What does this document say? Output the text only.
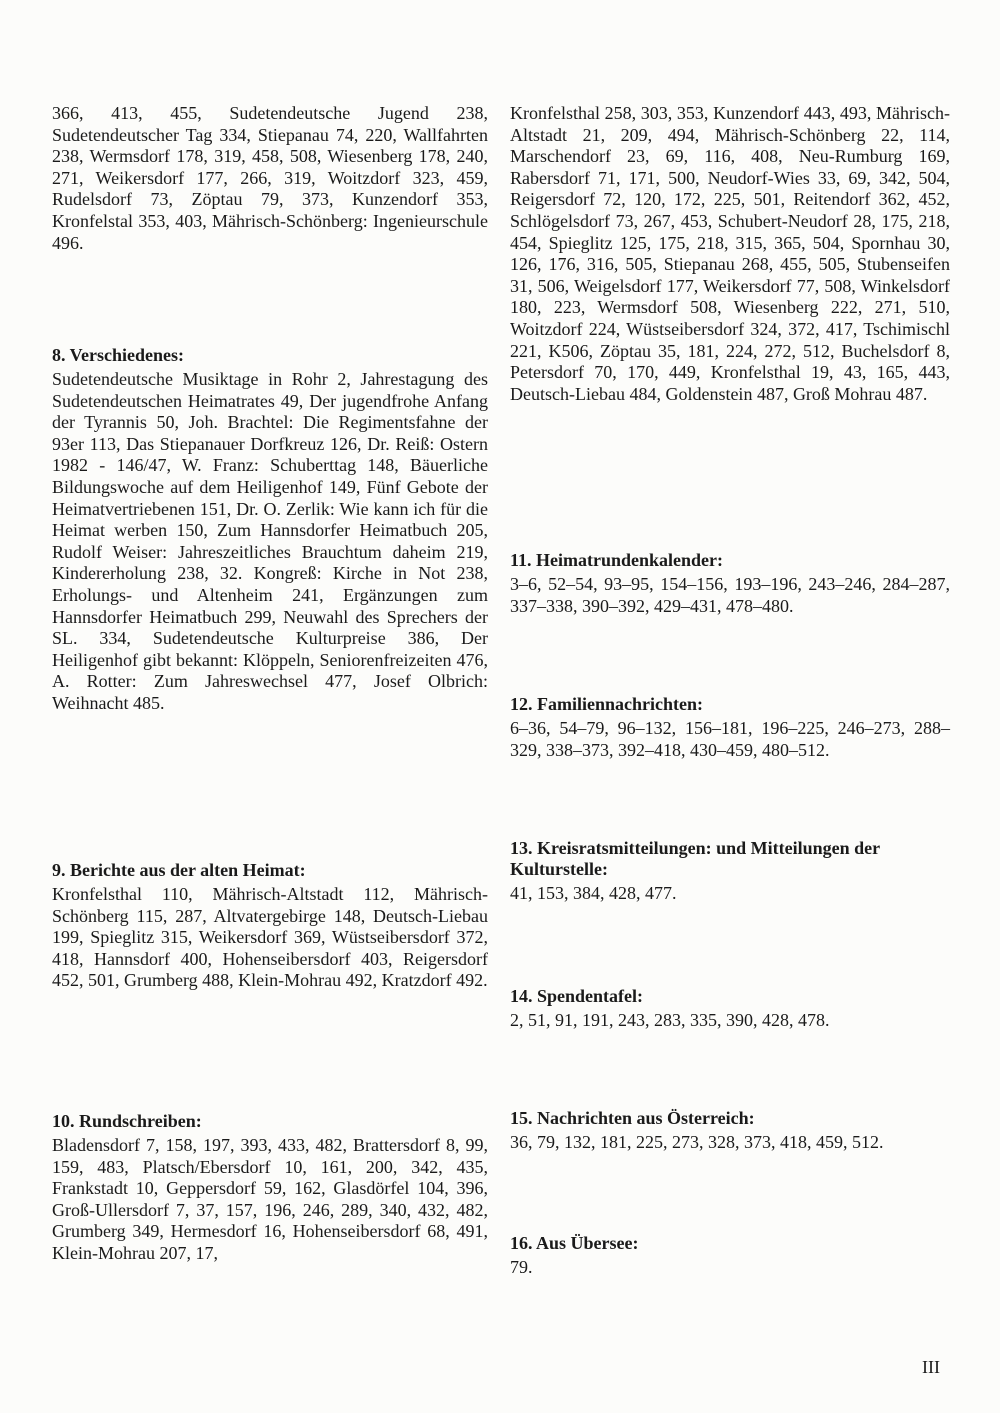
366, 413, 455, Sudetendeutsche Jugend 238, Sudetendeutscher Tag 334, Stiepanau 74, 220, Wallfahrten 238, Wermsdorf 178, 319, 458, 508, Wiesenberg 178, 240, 271, Weikersdorf 177, 266, 319, Woitzdorf 323, 459, Rudelsdorf 73, Zöptau 79, 373, Kunzendorf 353, Kronfelstal 353, 403, Mährisch-Schönberg: Ingenieurschule 496.

8. Verschiedenes:

Sudetendeutsche Musiktage in Rohr 2, Jahrestagung des Sudetendeutschen Heimatrates 49, Der jugendfrohe Anfang der Tyrannis 50, Joh. Brachtel: Die Regimentsfahne der 93er 113, Das Stiepanauer Dorfkreuz 126, Dr. Reiß: Ostern 1982 - 146/47, W. Franz: Schuberttag 148, Bäuerliche Bildungswoche auf dem Heiligenhof 149, Fünf Gebote der Heimatvertriebenen 151, Dr. O. Zerlik: Wie kann ich für die Heimat werben 150, Zum Hannsdorfer Heimatbuch 205, Rudolf Weiser: Jahreszeitliches Brauchtum daheim 219, Kindererholung 238, 32. Kongreß: Kirche in Not 238, Erholungs- und Altenheim 241, Ergänzungen zum Hannsdorfer Heimatbuch 299, Neuwahl des Sprechers der SL. 334, Sudetendeutsche Kulturpreise 386, Der Heiligenhof gibt bekannt: Klöppeln, Seniorenfreizeiten 476, A. Rotter: Zum Jahreswechsel 477, Josef Olbrich: Weihnacht 485.

9. Berichte aus der alten Heimat:

Kronfelsthal 110, Mährisch-Altstadt 112, Mährisch-Schönberg 115, 287, Altvatergebirge 148, Deutsch-Liebau 199, Spieglitz 315, Weikersdorf 369, Wüstseibersdorf 372, 418, Hannsdorf 400, Hohenseibersdorf 403, Reigersdorf 452, 501, Grumberg 488, Klein-Mohrau 492, Kratzdorf 492.

10. Rundschreiben:

Bladensdorf 7, 158, 197, 393, 433, 482, Brattersdorf 8, 99, 159, 483, Platsch/Ebersdorf 10, 161, 200, 342, 435, Frankstadt 10, Geppersdorf 59, 162, Glasdörfel 104, 396, Groß-Ullersdorf 7, 37, 157, 196, 246, 289, 340, 432, 482, Grumberg 349, Hermesdorf 16, Hohenseibersdorf 68, 491, Klein-Mohrau 207, 17,

Kronfelsthal 258, 303, 353, Kunzendorf 443, 493, Mährisch-Altstadt 21, 209, 494, Mährisch-Schönberg 22, 114, Marschendorf 23, 69, 116, 408, Neu-Rumburg 169, Rabersdorf 71, 171, 500, Neudorf-Wies 33, 69, 342, 504, Reigersdorf 72, 120, 172, 225, 501, Reitendorf 362, 452, Schlögelsdorf 73, 267, 453, Schubert-Neudorf 28, 175, 218, 454, Spieglitz 125, 175, 218, 315, 365, 504, Spornhau 30, 126, 176, 316, 505, Stiepanau 268, 455, 505, Stubenseifen 31, 506, Weigelsdorf 177, Weikersdorf 77, 508, Winkelsdorf 180, 223, Wermsdorf 508, Wiesenberg 222, 271, 510, Woitzdorf 224, Wüstseibersdorf 324, 372, 417, Tschimischl 221, K506, Zöptau 35, 181, 224, 272, 512, Buchelsdorf 8, Petersdorf 70, 170, 449, Kronfelsthal 19, 43, 165, 443, Deutsch-Liebau 484, Goldenstein 487, Groß Mohrau 487.

11. Heimatrundenkalender:

3–6, 52–54, 93–95, 154–156, 193–196, 243–246, 284–287, 337–338, 390–392, 429–431, 478–480.

12. Familiennachrichten:

6–36, 54–79, 96–132, 156–181, 196–225, 246–273, 288–329, 338–373, 392–418, 430–459, 480–512.

13. Kreisratsmitteilungen: und Mitteilungen der Kulturstelle:

41, 153, 384, 428, 477.

14. Spendentafel:

2, 51, 91, 191, 243, 283, 335, 390, 428, 478.

15. Nachrichten aus Österreich:

36, 79, 132, 181, 225, 273, 328, 373, 418, 459, 512.

16. Aus Übersee:

79.

III
